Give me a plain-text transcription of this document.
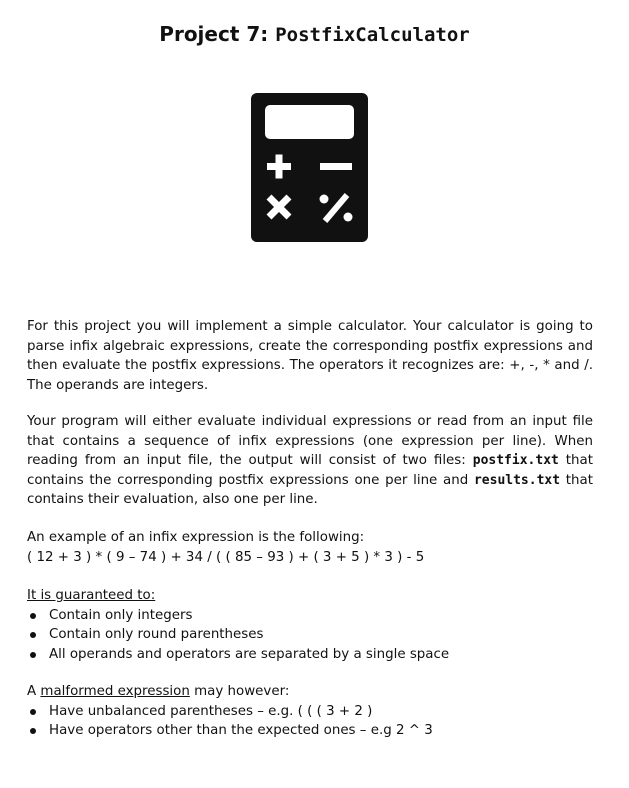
Project 7: PostfixCalculator
For this project you will implement a simple calculator. Your calculator is going to parse infix algebraic expressions, create the corresponding postfix expressions and then evaluate the postfix expressions. The operators it recognizes are: +, -, * and /. The operands are integers.
Your program will either evaluate individual expressions or read from an input file that contains a sequence of infix expressions (one expression per line). When reading from an input file, the output will consist of two files: postfix.txt that contains the corresponding postfix expressions one per line and results.txt that contains their evaluation, also one per line.
An example of an infix expression is the following:
( 12 + 3 ) * ( 9 – 74 ) + 34 / ( ( 85 – 93 ) + ( 3 + 5 ) * 3 ) - 5
It is guaranteed to:
Contain only integers
Contain only round parentheses
All operands and operators are separated by a single space
A malformed expression may however:
Have unbalanced parentheses – e.g. ( ( ( 3 + 2 )
Have operators other than the expected ones – e.g 2 ^ 3
